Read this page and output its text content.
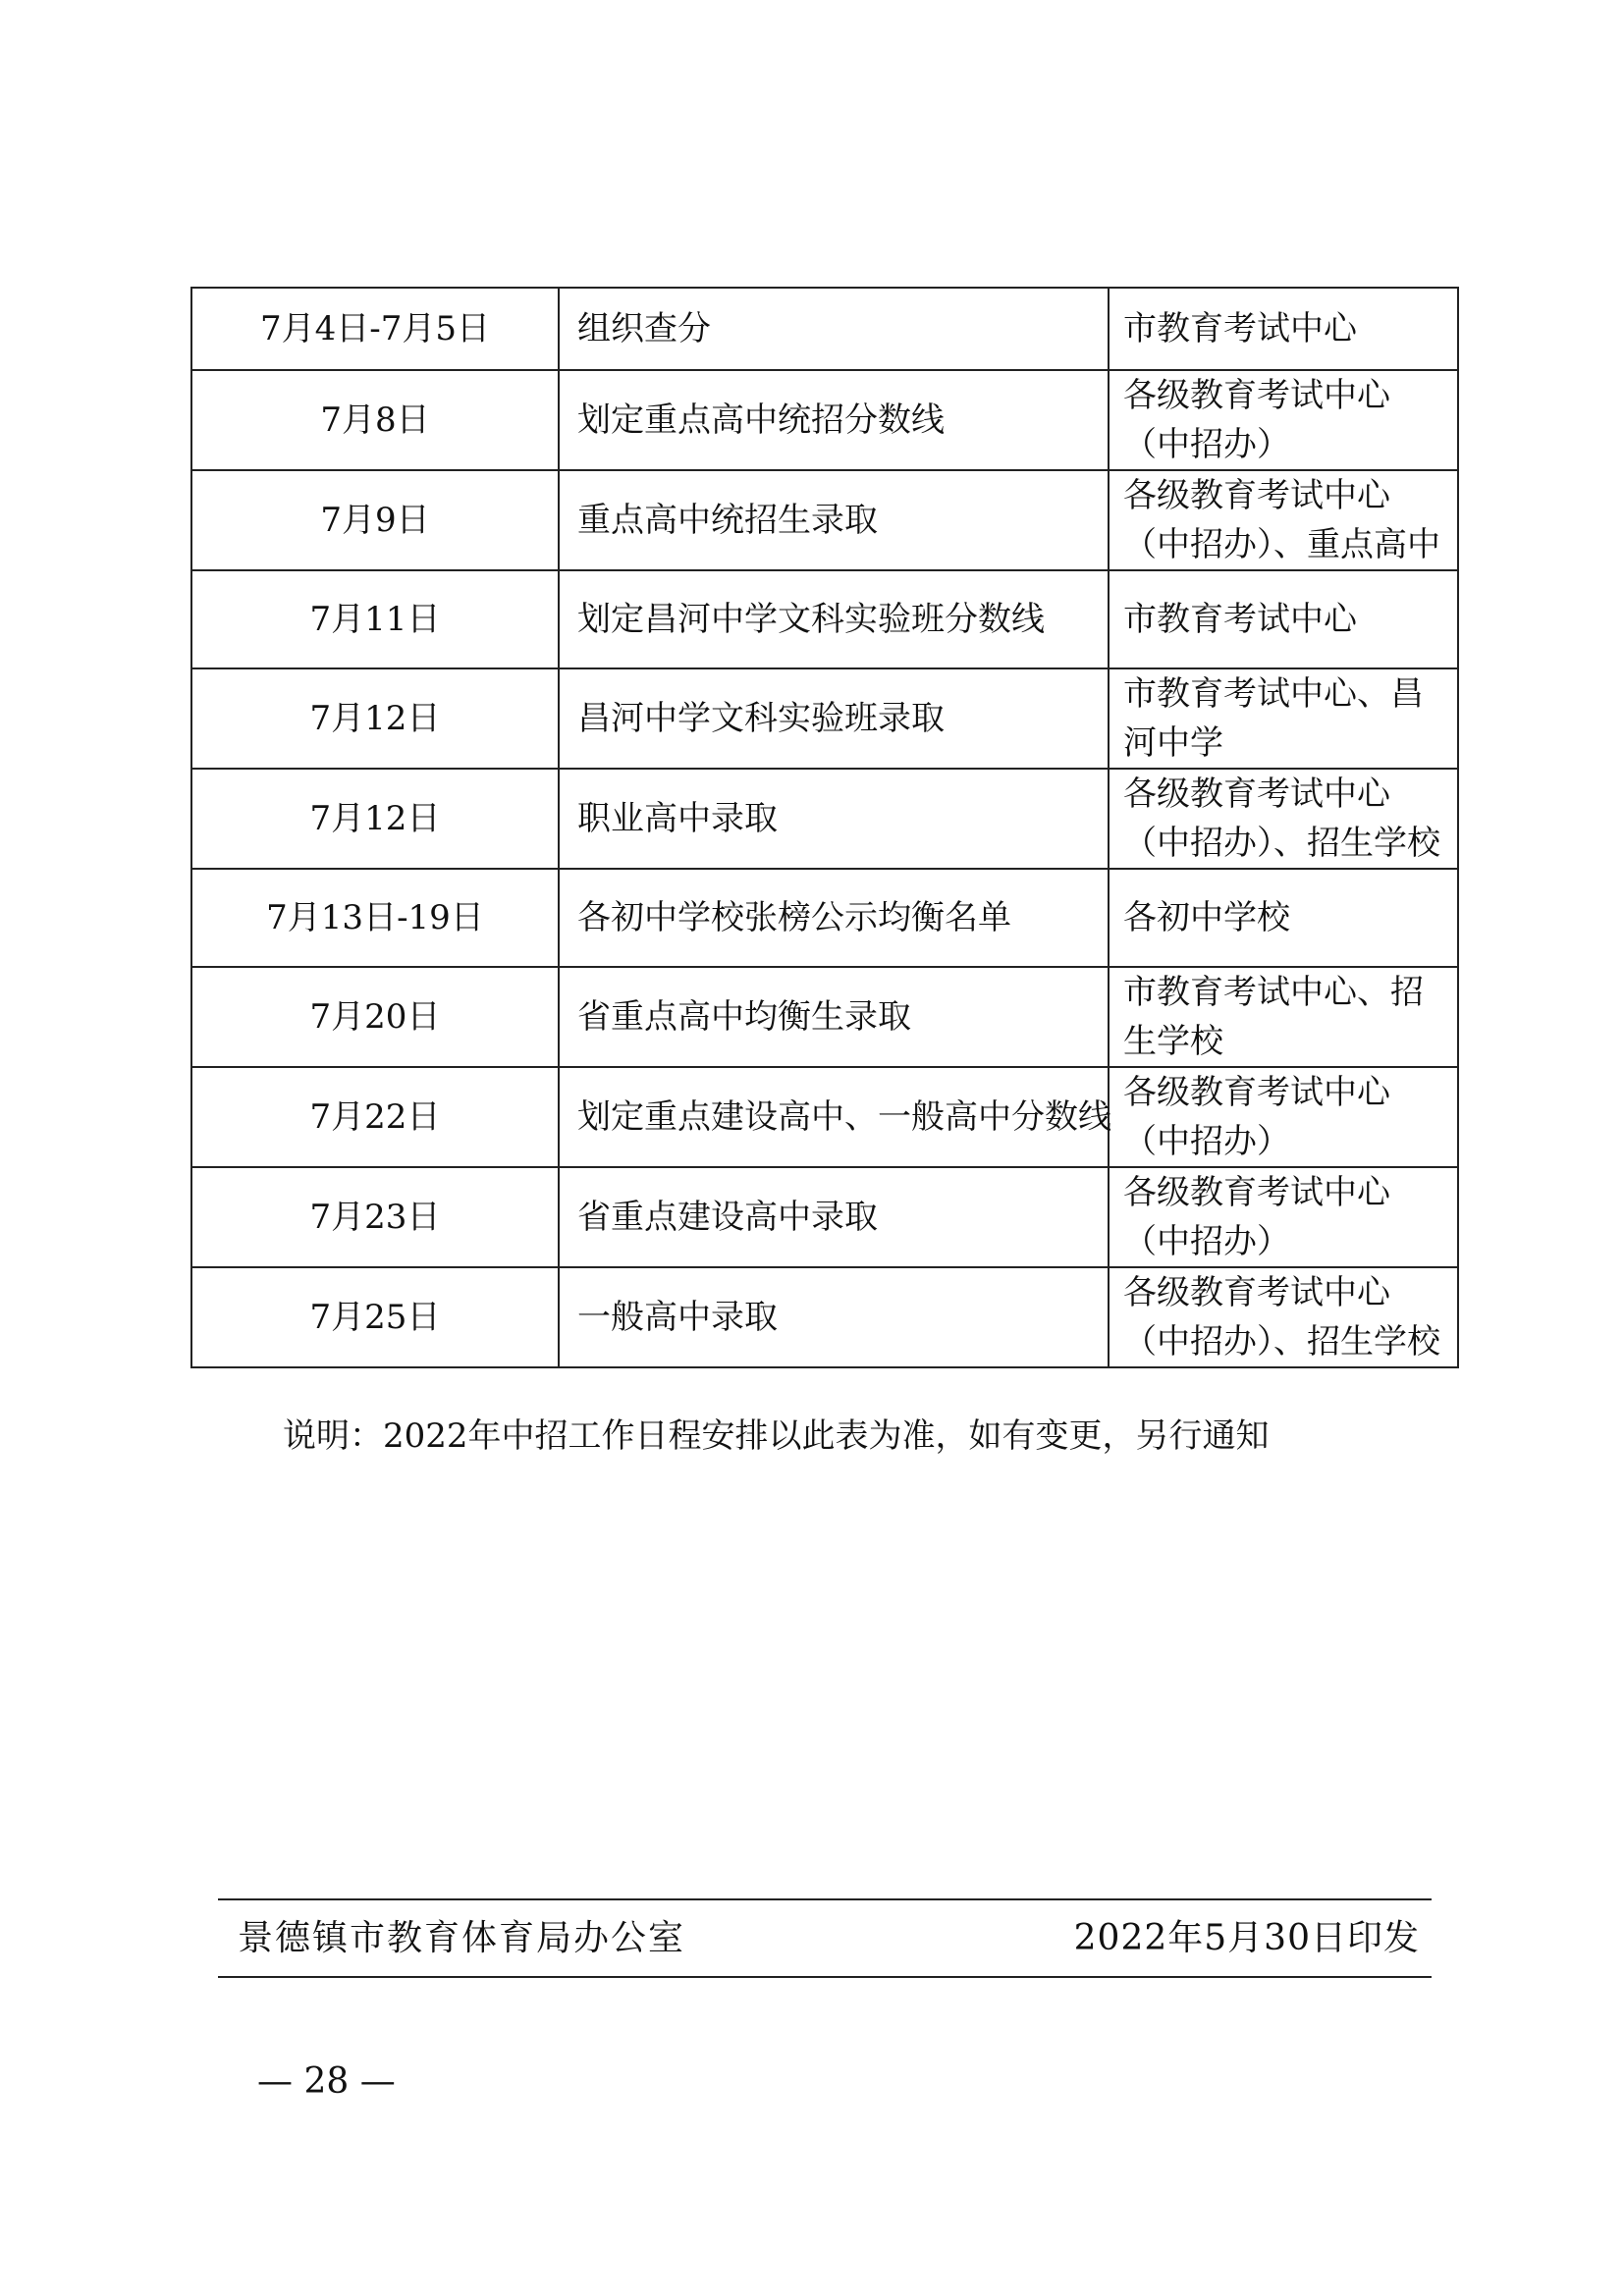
7月4日-7月5日	组织查分	市教育考试中心
7月8日	划定重点高中统招分数线	各级教育考试中心（中招办）
7月9日	重点高中统招生录取	各级教育考试中心（中招办）、重点高中
7月11日	划定昌河中学文科实验班分数线	市教育考试中心
7月12日	昌河中学文科实验班录取	市教育考试中心、昌河中学
7月12日	职业高中录取	各级教育考试中心（中招办）、招生学校
7月13日-19日	各初中学校张榜公示均衡名单	各初中学校
7月20日	省重点高中均衡生录取	市教育考试中心、招生学校
7月22日	划定重点建设高中、一般高中分数线	各级教育考试中心（中招办）
7月23日	省重点建设高中录取	各级教育考试中心（中招办）
7月25日	一般高中录取	各级教育考试中心（中招办）、招生学校
说明：2022年中招工作日程安排以此表为准，如有变更，另行通知
景德镇市教育体育局办公室	2022年5月30日印发
— 28 —
